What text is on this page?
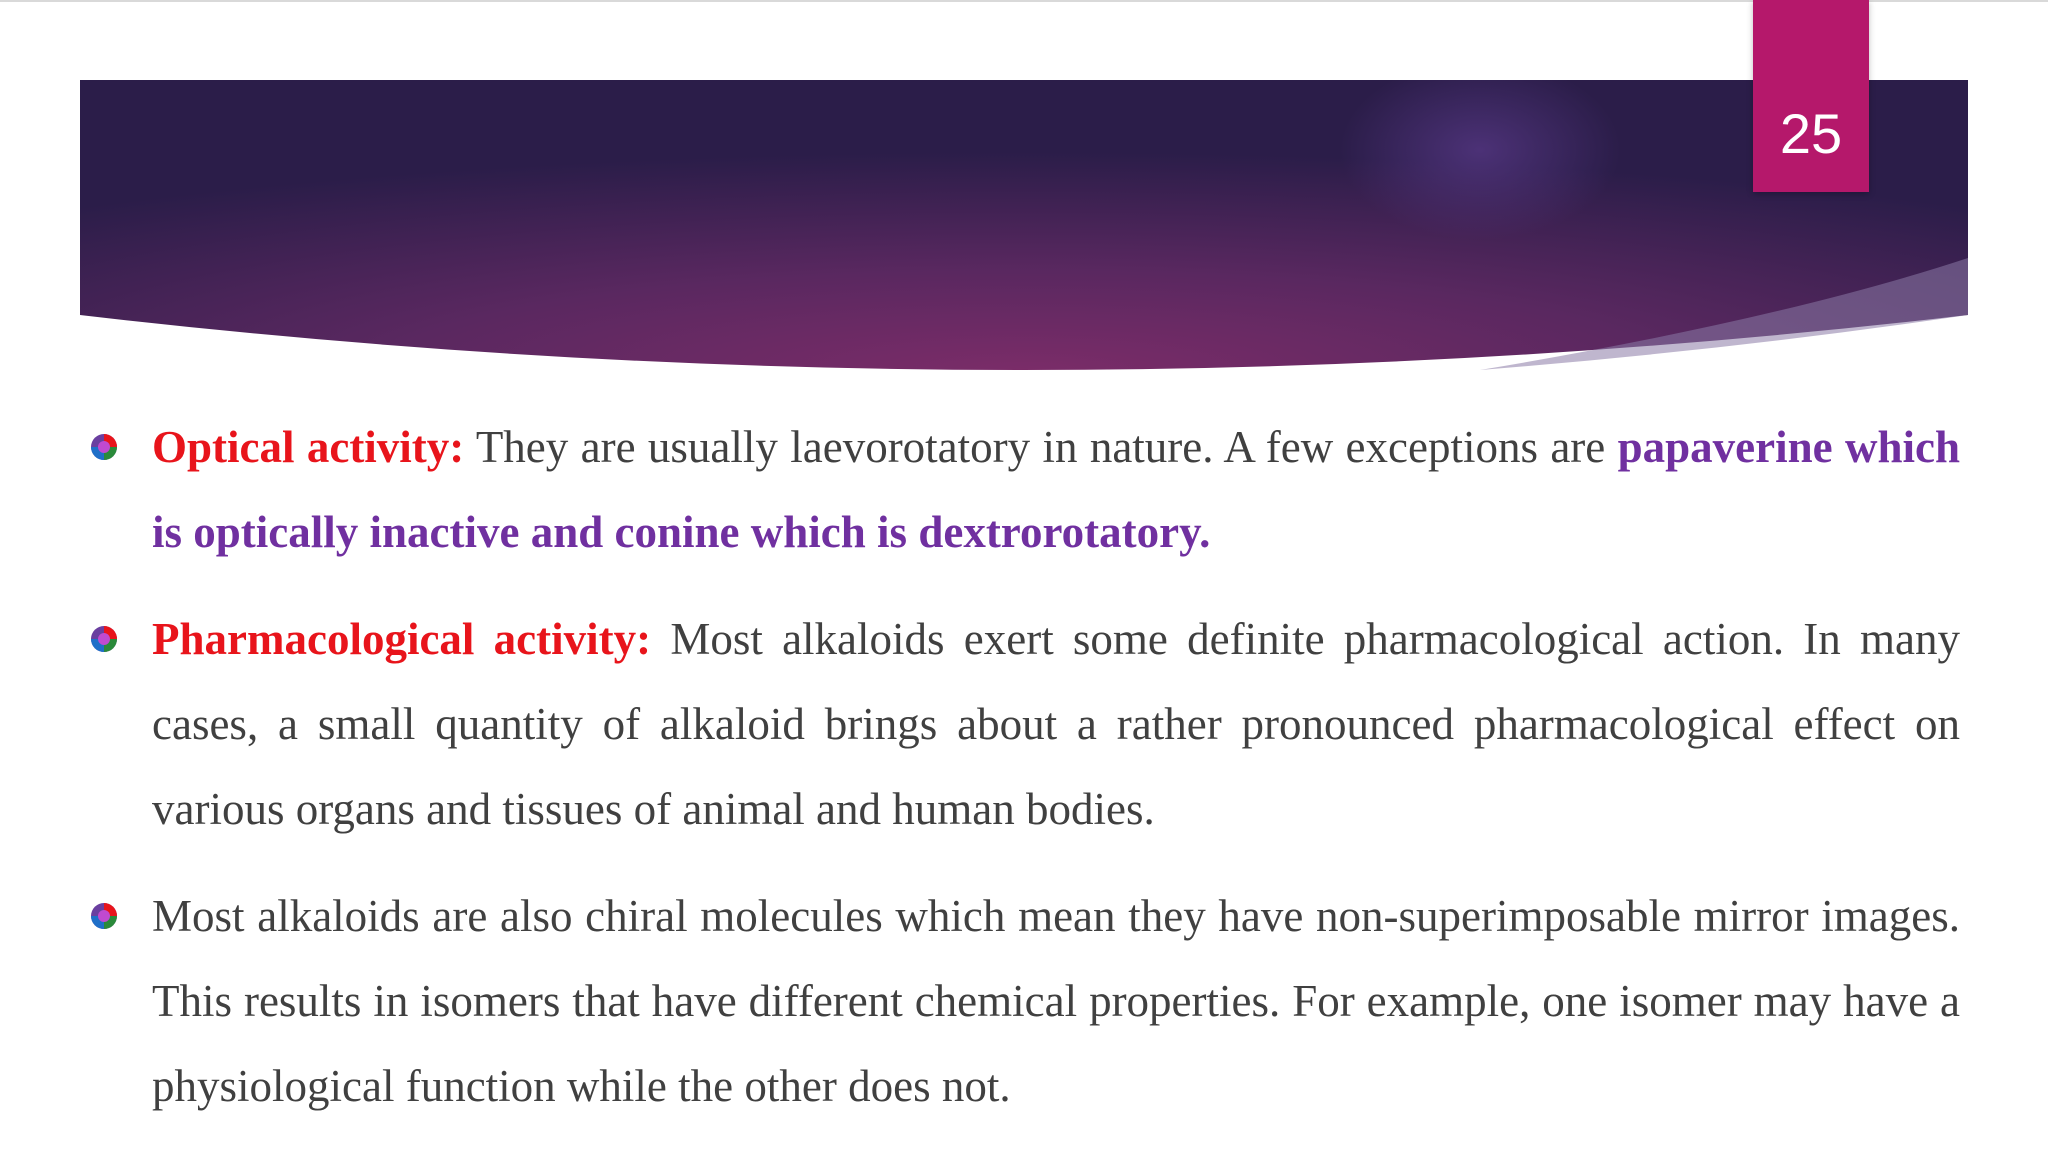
25
Optical activity: They are usually laevorotatory in nature. A few exceptions are papaverine which is optically inactive and conine which is dextrorotatory.
Pharmacological activity: Most alkaloids exert some definite pharmacological action. In many cases, a small quantity of alkaloid brings about a rather pronounced pharmacological effect on various organs and tissues of animal and human bodies.
Most alkaloids are also chiral molecules which mean they have non-superimposable mirror images. This results in isomers that have different chemical properties. For example, one isomer may have a physiological function while the other does not.
